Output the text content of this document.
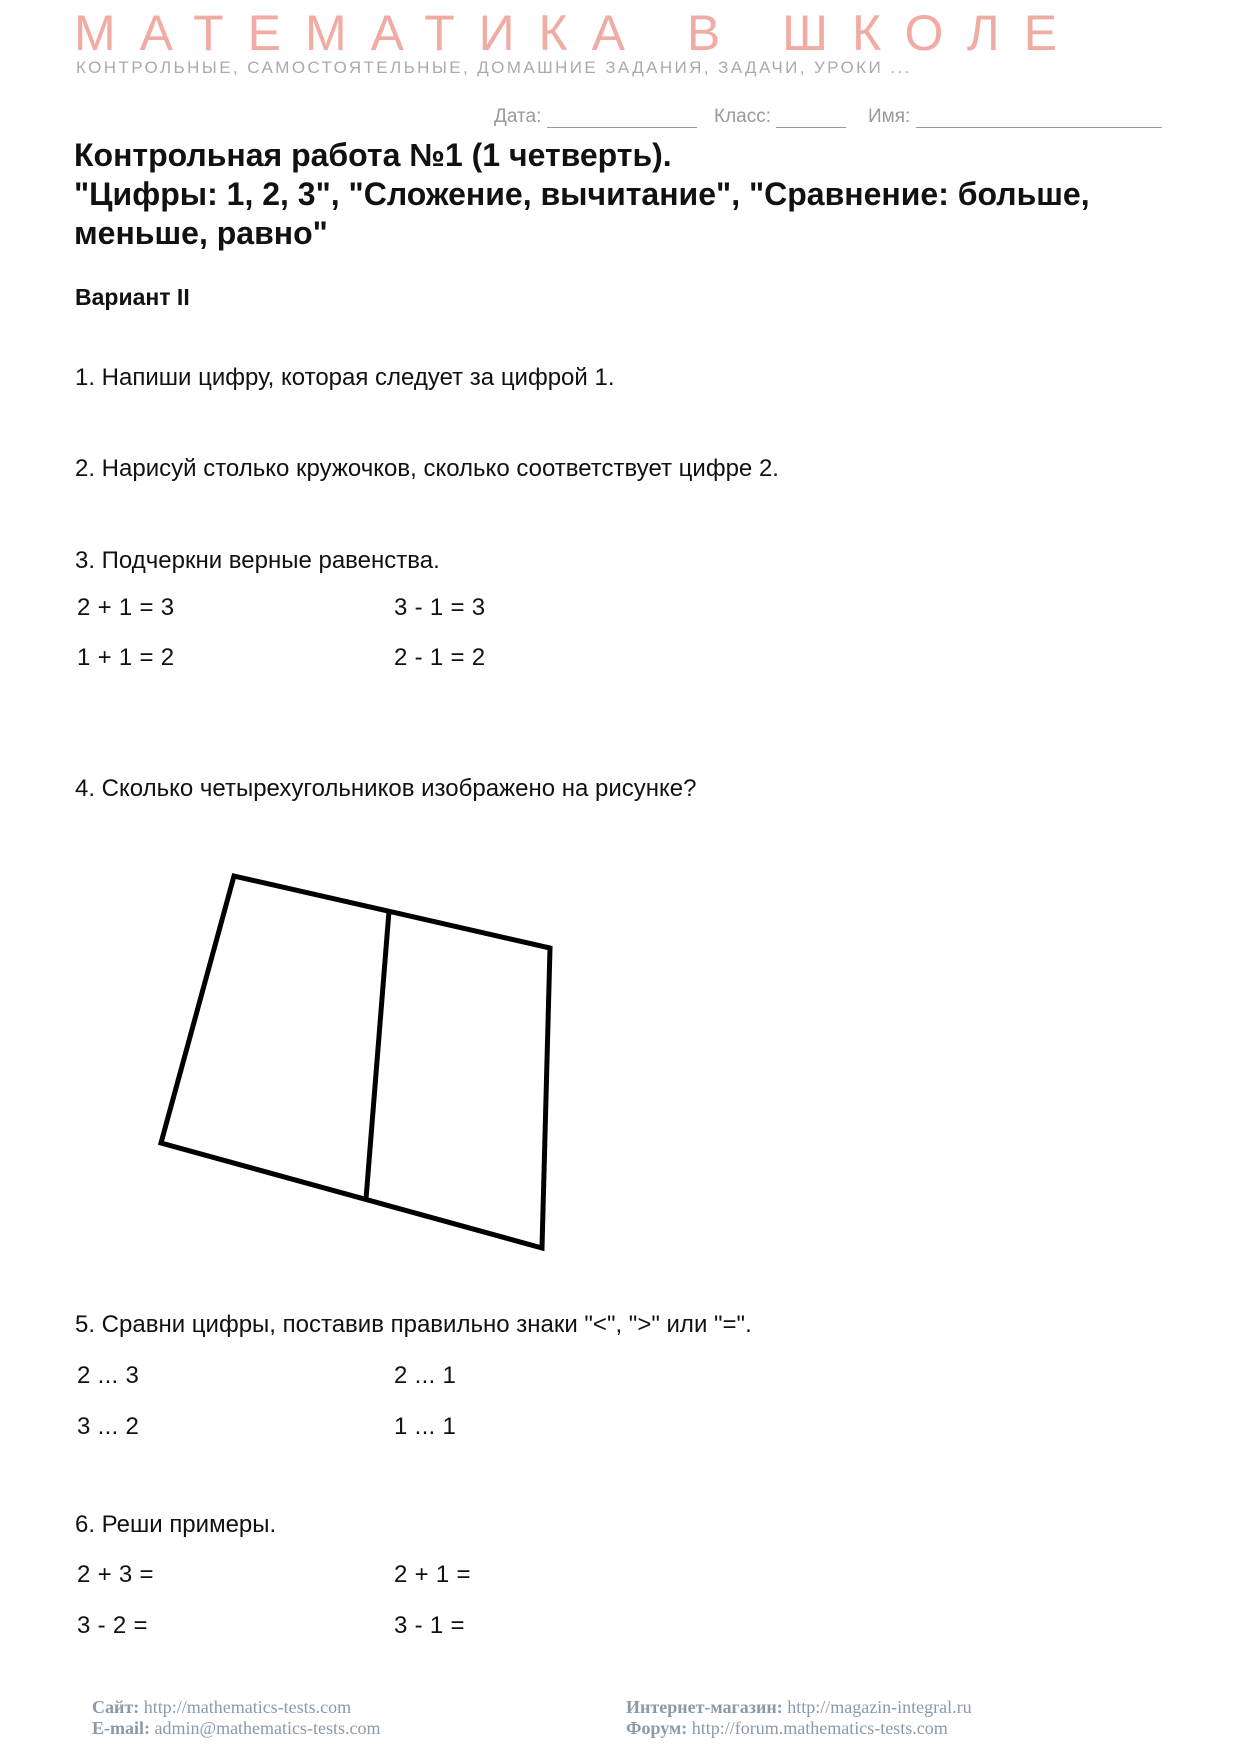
МАТЕМАТИКА В ШКОЛЕ
КОНТРОЛЬНЫЕ, САМОСТОЯТЕЛЬНЫЕ, ДОМАШНИЕ ЗАДАНИЯ, ЗАДАЧИ, УРОКИ ...
Дата:	Класс:	Имя:
Контрольная работа №1 (1 четверть).
"Цифры: 1, 2, 3", "Сложение, вычитание", "Сравнение: больше,
меньше, равно"
Вариант II
1. Напиши цифру, которая следует за цифрой 1.
2. Нарисуй столько кружочков, сколько соответствует цифре 2.
3. Подчеркни верные равенства.
2 + 1 = 3	3 - 1 = 3
1 + 1 = 2	2 - 1 = 2
4. Сколько четырехугольников изображено на рисунке?
5. Сравни цифры, поставив правильно знаки "<", ">" или "=".
2 ... 3	2 ... 1
3 ... 2	1 ... 1
6. Реши примеры.
2 + 3 =	2 + 1 =
3 - 2 =	3 - 1 =
Сайт: http://mathematics-tests.com
E-mail: admin@mathematics-tests.com
Интернет-магазин: http://magazin-integral.ru
Форум: http://forum.mathematics-tests.com
